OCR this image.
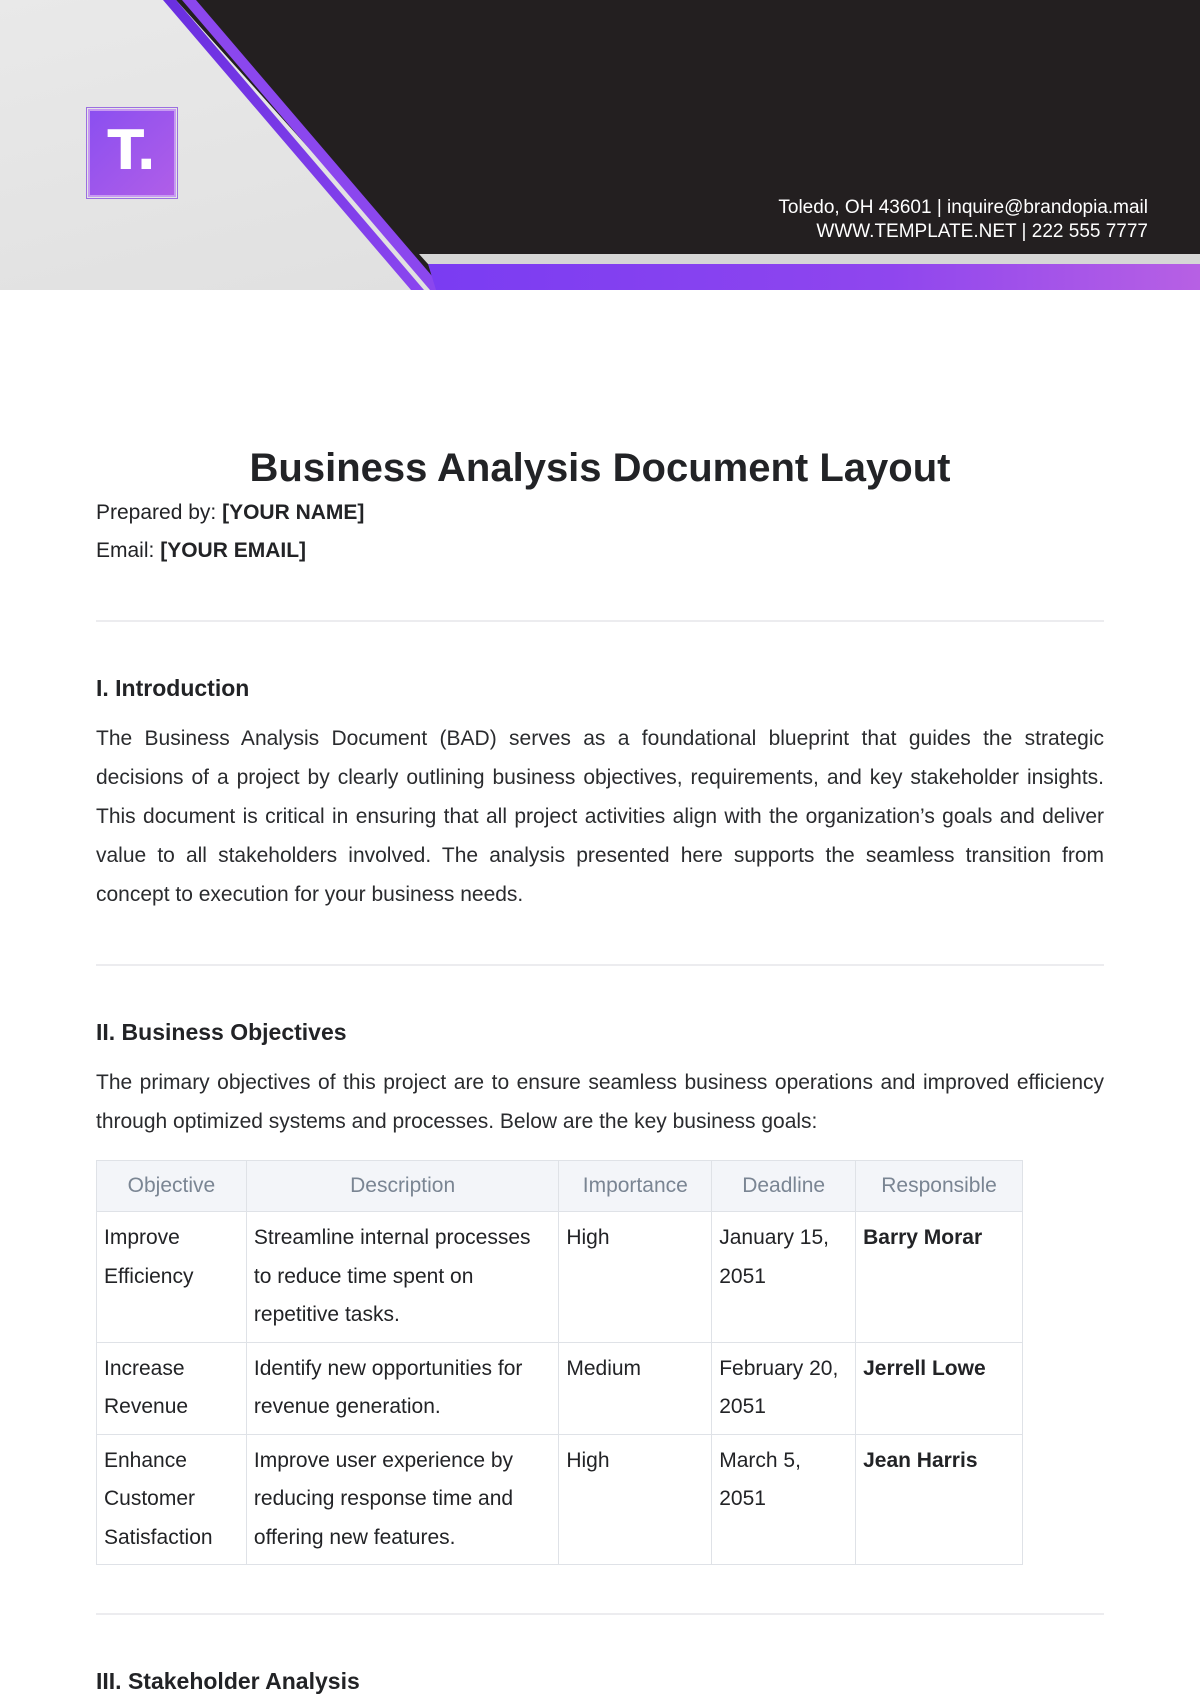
T.
Toledo, OH 43601 | inquire@brandopia.mail
WWW.TEMPLATE.NET | 222 555 7777
Business Analysis Document Layout
Prepared by: [YOUR NAME]
Email: [YOUR EMAIL]
I. Introduction

The Business Analysis Document (BAD) serves as a foundational blueprint that guides the strategic decisions of a project by clearly outlining business objectives, requirements, and key stakeholder insights. This document is critical in ensuring that all project activities align with the organization’s goals and deliver value to all stakeholders involved. The analysis presented here supports the seamless transition from concept to execution for your business needs.

II. Business Objectives

The primary objectives of this project are to ensure seamless business operations and improved efficiency through optimized systems and processes. Below are the key business goals:

Objective	Description	Importance	Deadline	Responsible
Improve Efficiency	Streamline internal processes to reduce time spent on repetitive tasks.	High	January 15, 2051	Barry Morar
Increase Revenue	Identify new opportunities for revenue generation.	Medium	February 20, 2051	Jerrell Lowe
Enhance Customer Satisfaction	Improve user experience by reducing response time and offering new features.	High	March 5, 2051	Jean Harris
III. Stakeholder Analysis
